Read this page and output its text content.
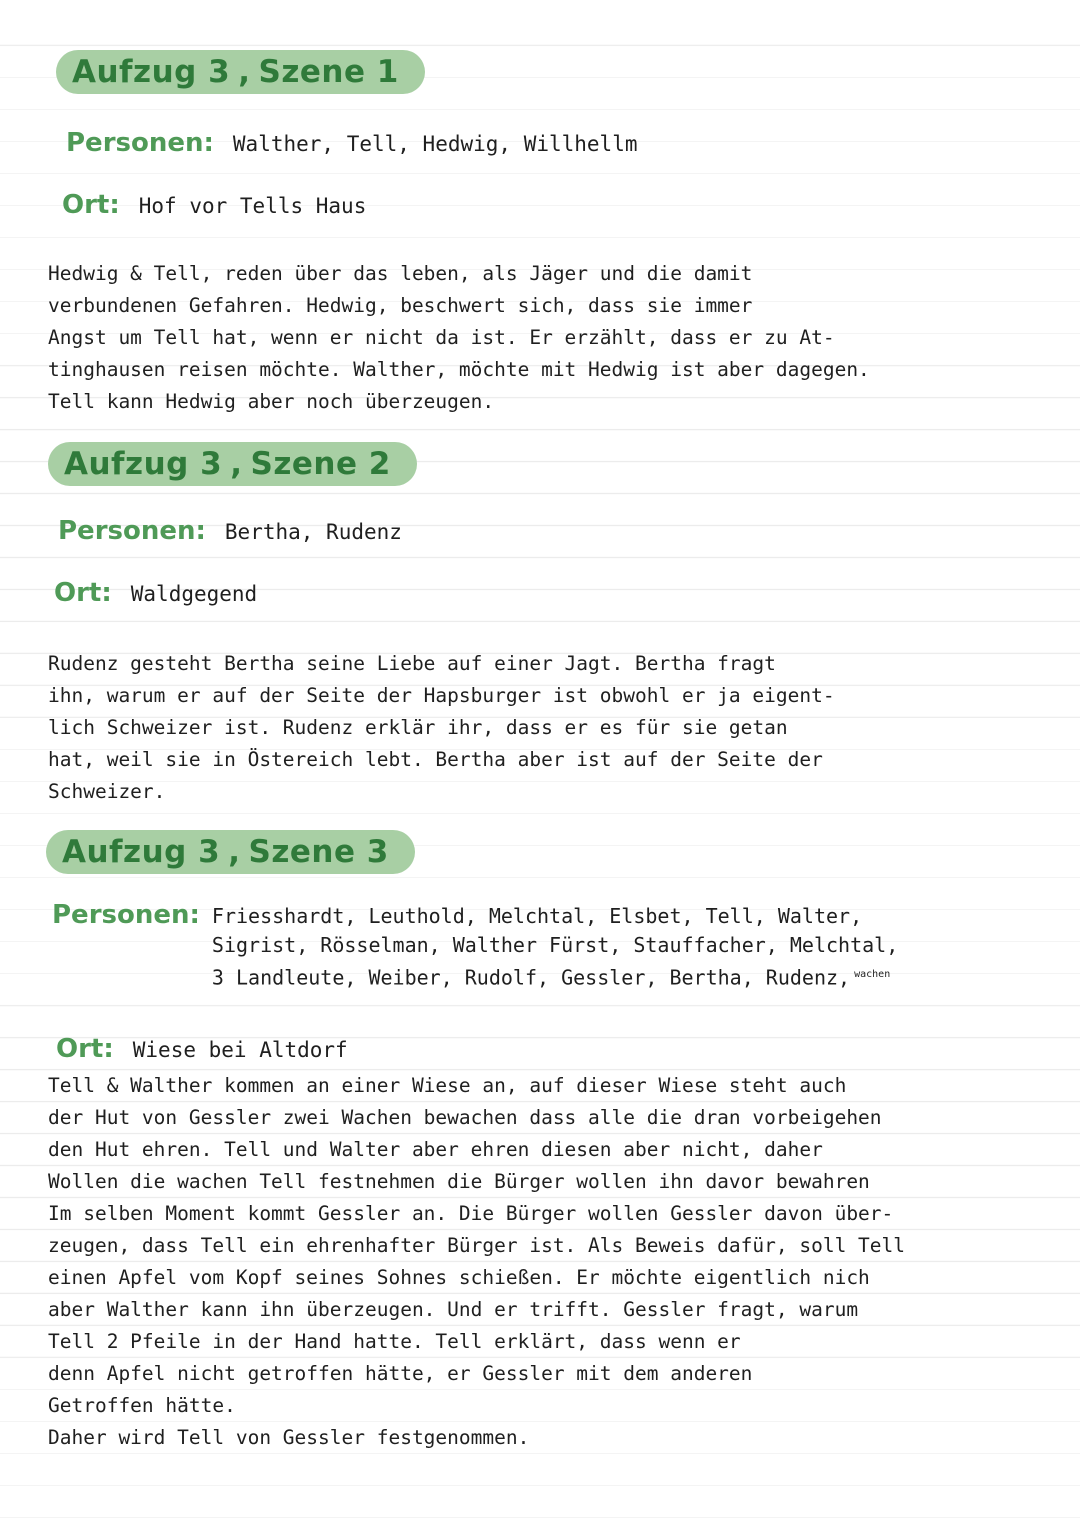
Aufzug 3 , Szene 1
Personen: Walther, Tell, Hedwig, Willhellm
Ort: Hof vor Tells Haus
Hedwig & Tell, reden über das leben, als Jäger und die damit
verbundenen Gefahren. Hedwig, beschwert sich, dass sie immer
Angst um Tell hat, wenn er nicht da ist. Er erzählt, dass er zu At-
tinghausen reisen möchte. Walther, möchte mit Hedwig ist aber dagegen.
Tell kann Hedwig aber noch überzeugen.
Aufzug 3 , Szene 2
Personen: Bertha, Rudenz
Ort: Waldgegend
Rudenz gesteht Bertha seine Liebe auf einer Jagt. Bertha fragt
ihn, warum er auf der Seite der Hapsburger ist obwohl er ja eigent-
lich Schweizer ist. Rudenz erklär ihr, dass er es für sie getan
hat, weil sie in Östereich lebt. Bertha aber ist auf der Seite der
Schweizer.
Aufzug 3 , Szene 3
Personen: Friesshardt, Leuthold, Melchtal, Elsbet, Tell, Walter,
Sigrist, Rösselman, Walther Fürst, Stauffacher, Melchtal,
3 Landleute, Weiber, Rudolf, Gessler, Bertha, Rudenz, $^{wachen}$
Ort: Wiese bei Altdorf
Tell & Walther kommen an einer Wiese an, auf dieser Wiese steht auch
der Hut von Gessler zwei Wachen bewachen dass alle die dran vorbeigehen
den Hut ehren. Tell und Walter aber ehren diesen aber nicht, daher
Wollen die wachen Tell festnehmen die Bürger wollen ihn davor bewahren
Im selben Moment kommt Gessler an. Die Bürger wollen Gessler davon über-
zeugen, dass Tell ein ehrenhafter Bürger ist. Als Beweis dafür, soll Tell
einen Apfel vom Kopf seines Sohnes schießen. Er möchte eigentlich nich
aber Walther kann ihn überzeugen. Und er trifft. Gessler fragt, warum
Tell 2 Pfeile in der Hand hatte. Tell erklärt, dass wenn er
denn Apfel nicht getroffen hätte, er Gessler mit dem anderen
Getroffen hätte.
Daher wird Tell von Gessler festgenommen.
